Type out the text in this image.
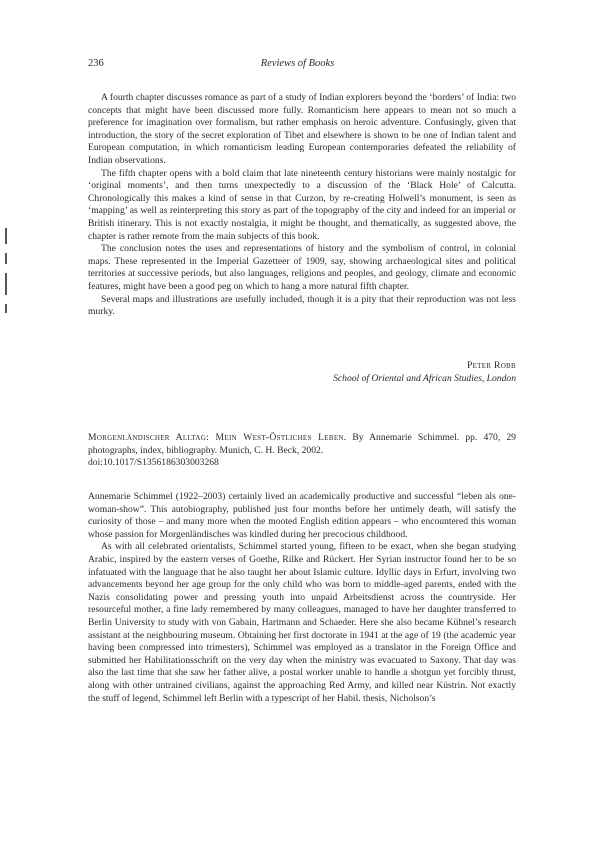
236	Reviews of Books

A fourth chapter discusses romance as part of a study of Indian explorers beyond the ‘borders’ of India: two concepts that might have been discussed more fully. Romanticism here appears to mean not so much a preference for imagination over formalism, but rather emphasis on heroic adventure. Confusingly, given that introduction, the story of the secret exploration of Tibet and elsewhere is shown to be one of Indian talent and European computation, in which romanticism leading European contemporaries defeated the reliability of Indian observations.

The fifth chapter opens with a bold claim that late nineteenth century historians were mainly nostalgic for ‘original moments’, and then turns unexpectedly to a discussion of the ‘Black Hole’ of Calcutta. Chronologically this makes a kind of sense in that Curzon, by re-creating Holwell’s monument, is seen as ‘mapping’ as well as reinterpreting this story as part of the topography of the city and indeed for an imperial or British itinerary. This is not exactly nostalgia, it might be thought, and thematically, as suggested above, the chapter is rather remote from the main subjects of this book.

The conclusion notes the uses and representations of history and the symbolism of control, in colonial maps. These represented in the Imperial Gazetteer of 1909, say, showing archaeological sites and political territories at successive periods, but also languages, religions and peoples, and geology, climate and economic features, might have been a good peg on which to hang a more natural fifth chapter.

Several maps and illustrations are usefully included, though it is a pity that their reproduction was not less murky.

Peter Robb
School of Oriental and African Studies, London
Morgenländischer Alltag: Mein West-Östliches Leben. By Annemarie Schimmel. pp. 470, 29 photographs, index, bibliography. Munich, C. H. Beck, 2002.
doi:10.1017/S1356186303003268

Annemarie Schimmel (1922–2003) certainly lived an academically productive and successful “leben als one-woman-show”. This autobiography, published just four months before her untimely death, will satisfy the curiosity of those – and many more when the mooted English edition appears – who encountered this woman whose passion for Morgenländisches was kindled during her precocious childhood.

As with all celebrated orientalists, Schimmel started young, fifteen to be exact, when she began studying Arabic, inspired by the eastern verses of Goethe, Rilke and Rückert. Her Syrian instructor found her to be so infatuated with the language that he also taught her about Islamic culture. Idyllic days in Erfurt, involving two advancements beyond her age group for the only child who was born to middle-aged parents, ended with the Nazis consolidating power and pressing youth into unpaid Arbeitsdienst across the countryside. Her resourceful mother, a fine lady remembered by many colleagues, managed to have her daughter transferred to Berlin University to study with von Gabain, Hartmann and Schaeder. Here she also became Kühnel’s research assistant at the neighbouring museum. Obtaining her first doctorate in 1941 at the age of 19 (the academic year having been compressed into trimesters), Schimmel was employed as a translator in the Foreign Office and submitted her Habilitationsschrift on the very day when the ministry was evacuated to Saxony. That day was also the last time that she saw her father alive, a postal worker unable to handle a shotgun yet forcibly thrust, along with other untrained civilians, against the approaching Red Army, and killed near Küstrin. Not exactly the stuff of legend, Schimmel left Berlin with a typescript of her Habil. thesis, Nicholson’s
